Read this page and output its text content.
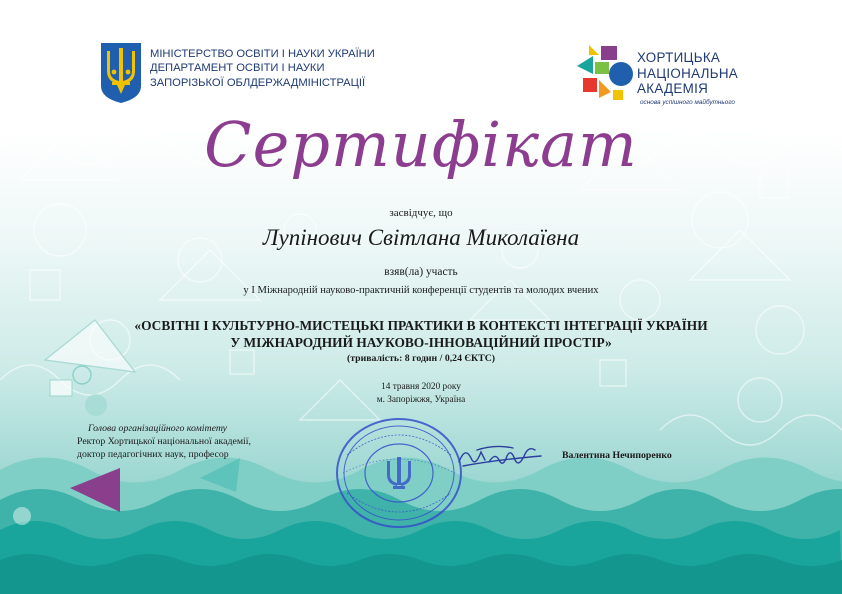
МІНІСТЕРСТВО ОСВІТИ І НАУКИ УКРАЇНИ
ДЕПАРТАМЕНТ ОСВІТИ І НАУКИ
ЗАПОРІЗЬКОЇ ОБЛДЕРЖАДМІНІСТРАЦІЇ
ХОРТИЦЬКА
НАЦІОНАЛЬНА
АКАДЕМІЯ
основа успішного майбутнього
Сертифікат
засвідчує, що
Лупінович Світлана Миколаївна
взяв(ла) участь
у І Міжнародній науково-практичній конференції студентів та молодих вчених
«ОСВІТНІ І КУЛЬТУРНО-МИСТЕЦЬКІ ПРАКТИКИ В КОНТЕКСТІ ІНТЕГРАЦІЇ УКРАЇНИ
У МІЖНАРОДНИЙ НАУКОВО-ІННОВАЦІЙНИЙ ПРОСТІР»
(тривалість: 8 годин / 0,24 ЄКТС)
14 травня 2020 року
м. Запоріжжя, Україна
Голова організаційного комітету
Ректор Хортицької національної академії,
доктор педагогічних наук, професор	Валентина Нечипоренко
